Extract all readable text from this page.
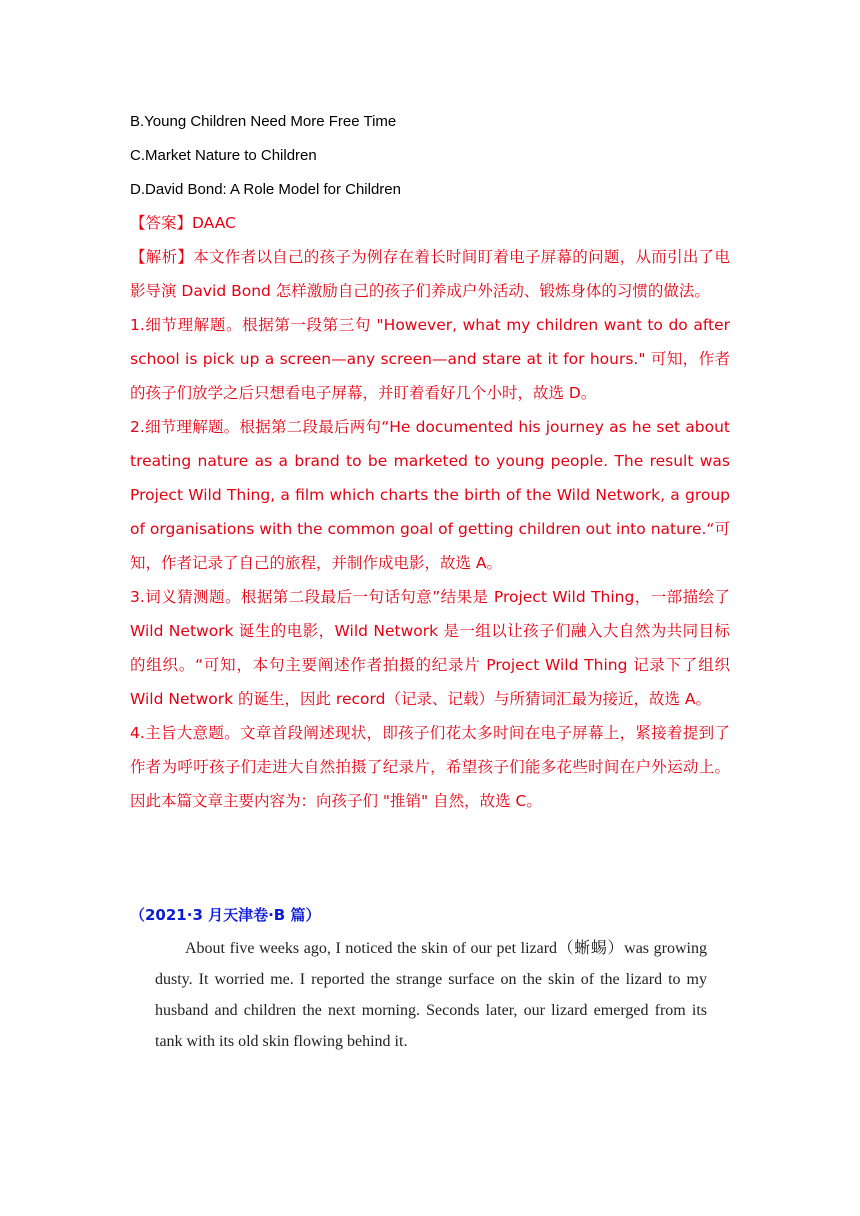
B.Young Children Need More Free Time
C.Market Nature to Children
D.David Bond: A Role Model for Children

【答案】DAAC

【解析】本文作者以自己的孩子为例存在着长时间盯着电子屏幕的问题，从而引出了电影导演 David Bond 怎样激励自己的孩子们养成户外活动、锻炼身体的习惯的做法。

1.细节理解题。根据第一段第三句 "However, what my children want to do after school is pick up a screen—any screen—and stare at it for hours." 可知，作者的孩子们放学之后只想看电子屏幕，并盯着看好几个小时，故选 D。

2.细节理解题。根据第二段最后两句“He documented his journey as he set about treating nature as a brand to be marketed to young people. The result was Project Wild Thing, a film which charts the birth of the Wild Network, a group of organisations with the common goal of getting children out into nature.“可知，作者记录了自己的旅程，并制作成电影，故选 A。

3.词义猜测题。根据第二段最后一句话句意”结果是 Project Wild Thing，一部描绘了 Wild Network 诞生的电影，Wild Network 是一组以让孩子们融入大自然为共同目标的组织。“可知，本句主要阐述作者拍摄的纪录片 Project Wild Thing 记录下了组织 Wild Network 的诞生，因此 record（记录、记载）与所猜词汇最为接近，故选 A。

4.主旨大意题。文章首段阐述现状，即孩子们花太多时间在电子屏幕上，紧接着提到了作者为呼吁孩子们走进大自然拍摄了纪录片，希望孩子们能多花些时间在户外运动上。因此本篇文章主要内容为：向孩子们 "推销" 自然，故选 C。

（2021·3 月天津卷·B 篇）
About five weeks ago, I noticed the skin of our pet lizard（蜥蜴）was growing dusty. It worried me. I reported the strange surface on the skin of the lizard to my husband and children the next morning. Seconds later, our lizard emerged from its tank with its old skin flowing behind it.
